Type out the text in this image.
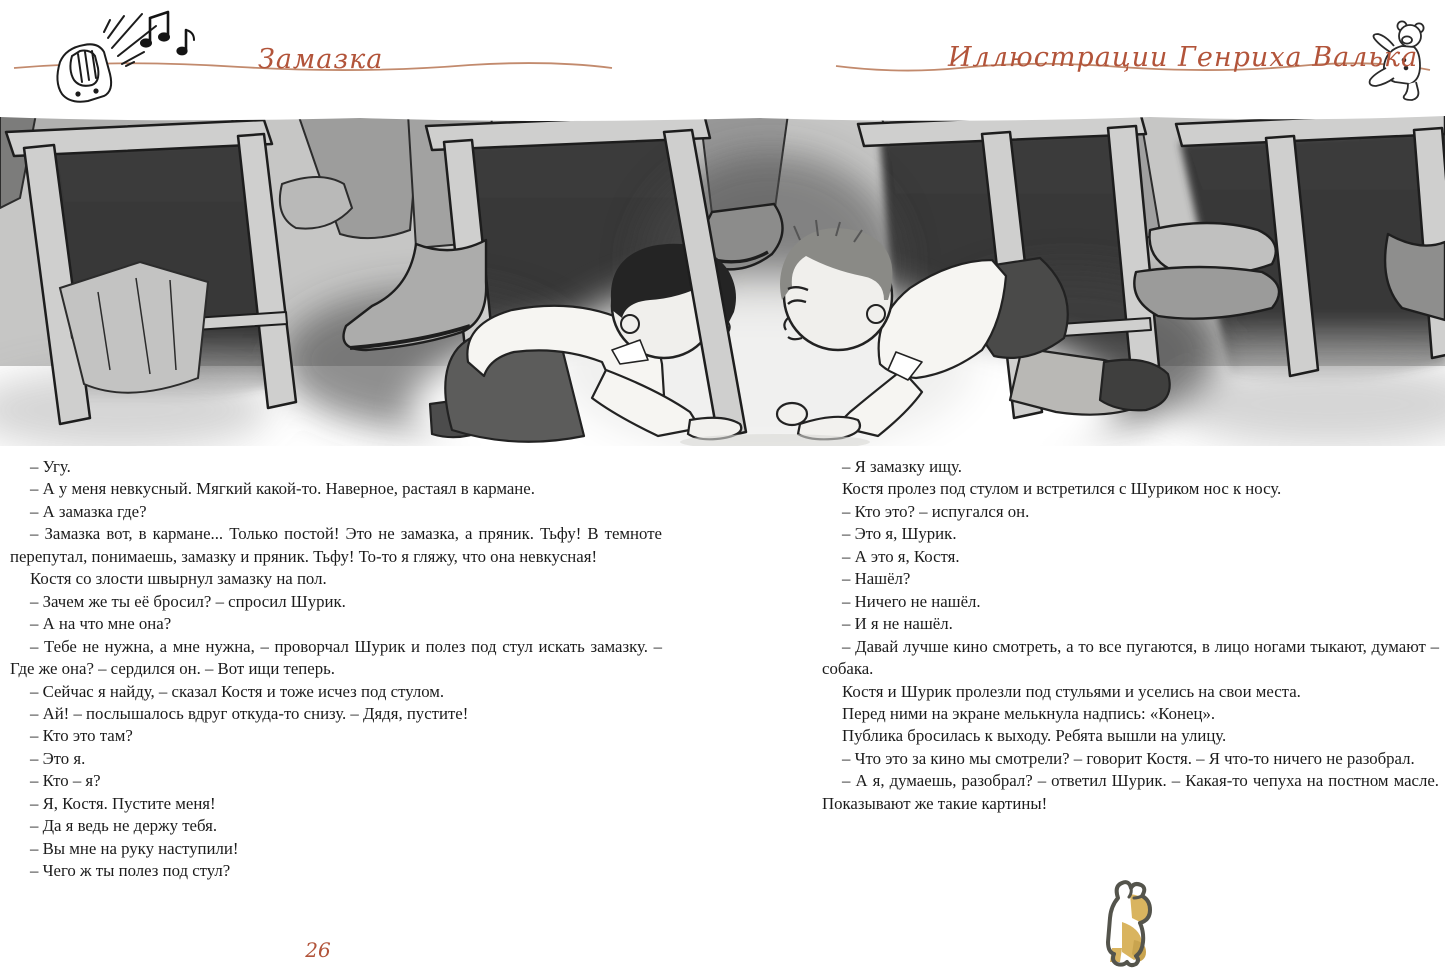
Замазка	Иллюстрации Генриха Валька

– Угу.

– А у меня невкусный. Мягкий какой-то. Наверное, растаял в кармане.

– А замазка где?

– Замазка вот, в кармане... Только постой! Это не замазка, а пряник. Тьфу! В темноте перепутал, понимаешь, замазку и пряник. Тьфу! То-то я гляжу, что она невкусная!

Костя со злости швырнул замазку на пол.

– Зачем же ты её бросил? – спросил Шурик.

– А на что мне она?

– Тебе не нужна, а мне нужна, – проворчал Шурик и полез под стул искать замазку. – Где же она? – сердился он. – Вот ищи теперь.

– Сейчас я найду, – сказал Костя и тоже исчез под стулом.

– Ай! – послышалось вдруг откуда-то снизу. – Дядя, пустите!

– Кто это там?

– Это я.

– Кто – я?

– Я, Костя. Пустите меня!

– Да я ведь не держу тебя.

– Вы мне на руку наступили!

– Чего ж ты полез под стул?

– Я замазку ищу.

Костя пролез под стулом и встретился с Шуриком нос к носу.

– Кто это? – испугался он.

– Это я, Шурик.

– А это я, Костя.

– Нашёл?

– Ничего не нашёл.

– И я не нашёл.

– Давай лучше кино смотреть, а то все пугаются, в лицо ногами тыкают, думают – собака.

Костя и Шурик пролезли под стульями и уселись на свои места.

Перед ними на экране мелькнула надпись: «Конец».

Публика бросилась к выходу. Ребята вышли на улицу.

– Что это за кино мы смотрели? – говорит Костя. – Я что-то ничего не разобрал.

– А я, думаешь, разобрал? – ответил Шурик. – Какая-то чепуха на постном масле. Показывают же такие картины!

26
